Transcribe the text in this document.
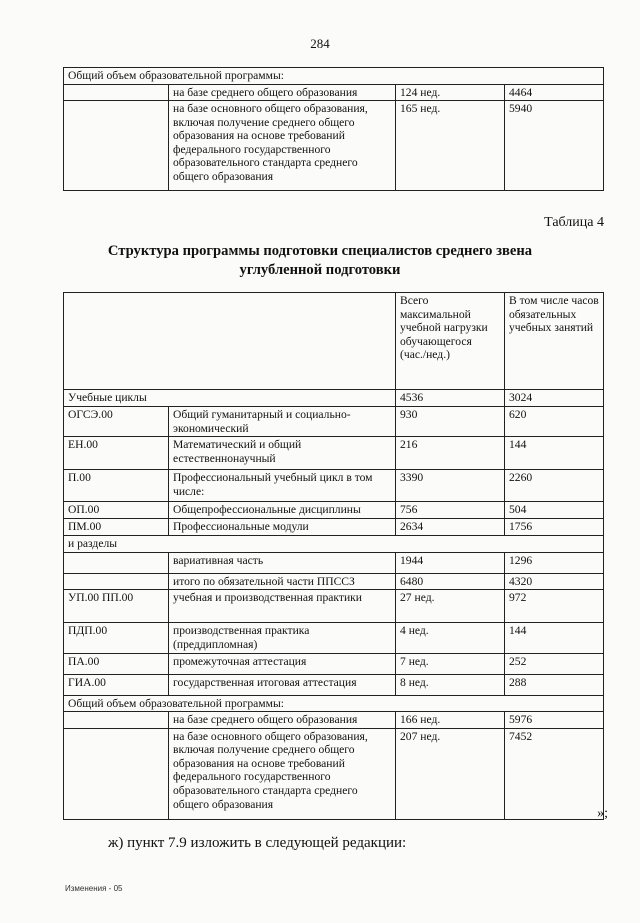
284
Общий объем образовательной программы:			
	на базе среднего общего образования	124 нед.	4464
	на базе основного общего образования, включая получение среднего общего образования на основе требований федерального государственного образовательного стандарта среднего общего образования	165 нед.	5940
Таблица 4
Структура программы подготовки специалистов среднего звена
углубленной подготовки
		Всего максимальной учебной нагрузки обучающегося (час./нед.)	В том числе часов обязательных учебных занятий
Учебные циклы		4536	3024
ОГСЭ.00	Общий гуманитарный и социально-экономический	930	620
ЕН.00	Математический и общий естественнонаучный	216	144
П.00	Профессиональный учебный цикл в том числе:	3390	2260
ОП.00	Общепрофессиональные дисциплины	756	504
ПМ.00	Профессиональные модули	2634	1756
и разделы			
	вариативная часть	1944	1296
	итого по обязательной части ППССЗ	6480	4320
УП.00 ПП.00	учебная и производственная практики	27 нед.	972
ПДП.00	производственная практика (преддипломная)	4 нед.	144
ПА.00	промежуточная аттестация	7 нед.	252
ГИА.00	государственная итоговая аттестация	8 нед.	288
Общий объем образовательной программы:			
	на базе среднего общего образования	166 нед.	5976
	на базе основного общего образования, включая получение среднего общего образования на основе требований федерального государственного образовательного стандарта среднего общего образования	207 нед.	7452
»;
ж) пункт 7.9 изложить в следующей редакции:
Изменения - 05
